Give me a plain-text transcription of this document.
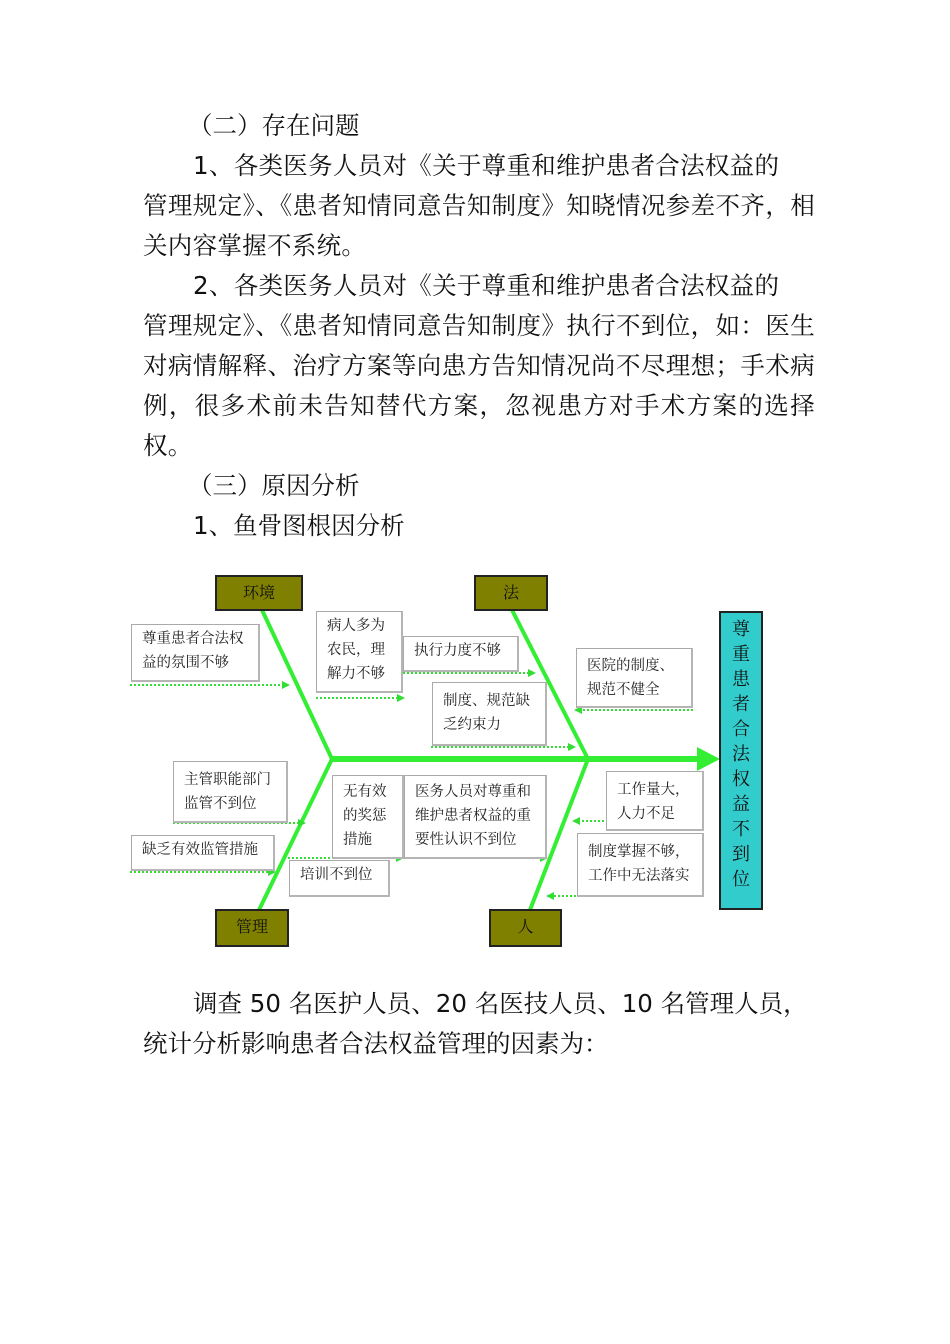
（二）存在问题
1、各类医务人员对《关于尊重和维护患者合法权益的
管理规定》、《患者知情同意告知制度》知晓情况参差不齐，相关内容掌握不系统。
2、各类医务人员对《关于尊重和维护患者合法权益的
管理规定》、《患者知情同意告知制度》执行不到位，如：医生对病情解释、治疗方案等向患方告知情况尚不尽理想；手术病例，很多术前未告知替代方案，忽视患方对手术方案的选择权。
（三）原因分析
1、鱼骨图根因分析
环境	法
管理	人
尊
重
患
者
合
法
权
益
不
到
位
尊重患者合法权
益的氛围不够
病人多为
农民，理
解力不够
执行力度不够
制度、规范缺
乏约束力
医院的制度、
规范不健全
主管职能部门
监管不到位
无有效
的奖惩
措施
医务人员对尊重和
维护患者权益的重
要性认识不到位
工作量大，
人力不足
缺乏有效监管措施	制度掌握不够，
工作中无法落实
培训不到位
调查 50 名医护人员、20 名医技人员、10 名管理人员，
统计分析影响患者合法权益管理的因素为：
